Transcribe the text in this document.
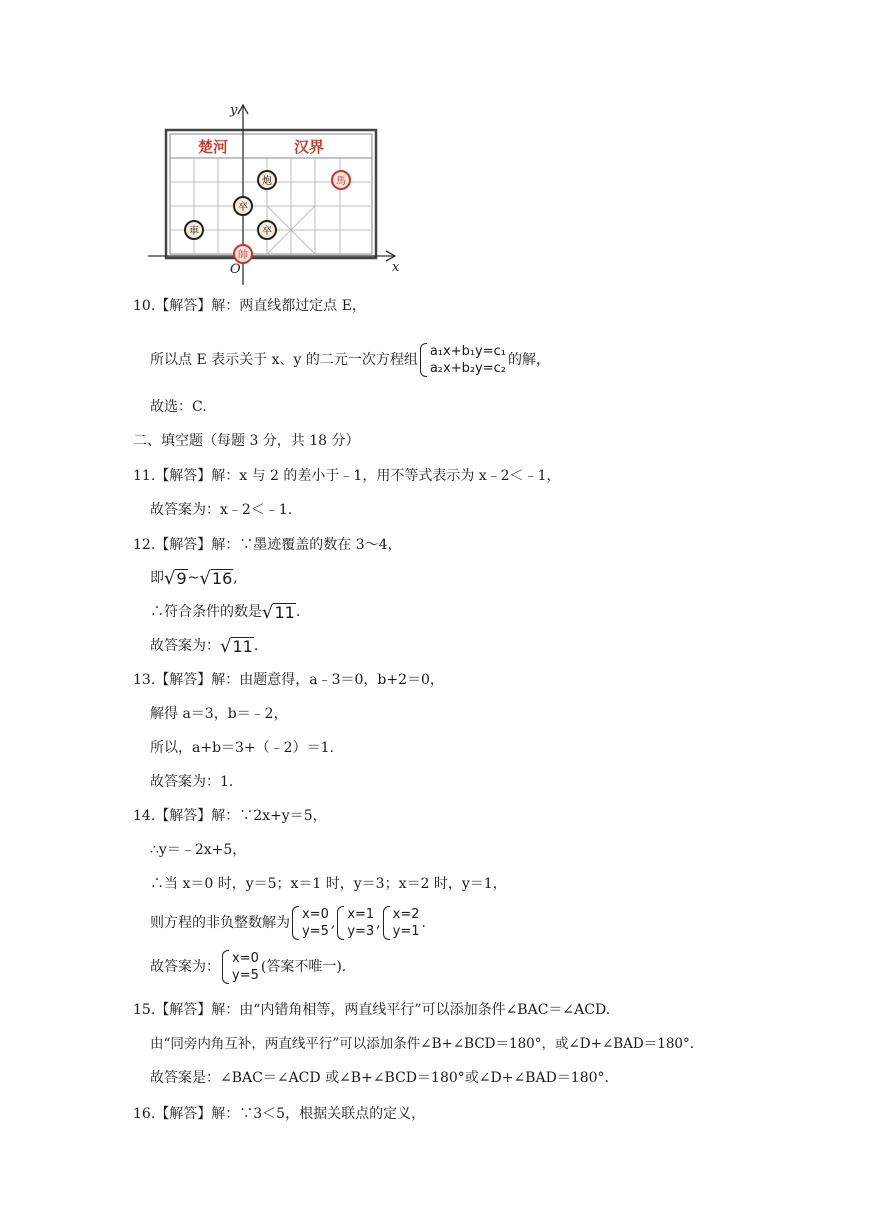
楚河	汉界
y
x
O
炮	馬
卒
卒
車
帥
10.【解答】解：两直线都过定点 E，
所以点 E 表示关于 x、y 的二元一次方程组
a₁x+b₁y=c₁
a₂x+b₂y=c₂
的解，
故选：C.
二、填空题（每题 3 分，共 18 分）
11.【解答】解：x 与 2 的差小于﹣1，用不等式表示为 x﹣2＜﹣1，
故答案为：x﹣2＜﹣1.
12.【解答】解：∵墨迹覆盖的数在 3～4，
即 √ 9 ~ √ 16 ,
∴符合条件的数是 √ 11 .
故答案为： √ 11 .
13.【解答】解：由题意得，a﹣3＝0，b+2＝0，
解得 a＝3，b＝﹣2，
所以，a+b＝3+（﹣2）＝1.
故答案为：1.
14.【解答】解：∵2x+y＝5，
∴y＝﹣2x+5，
∴当 x＝0 时，y＝5；x＝1 时，y＝3；x＝2 时，y＝1，
则方程的非负整数解为
x=0
y=5
,
x=1
y=3
,
x=2
y=1
.
故答案为：
x=0
y=5
(答案不唯一).
15.【解答】解：由“内错角相等，两直线平行”可以添加条件∠BAC＝∠ACD.
由“同旁内角互补，两直线平行”可以添加条件∠B+∠BCD＝180°，或∠D+∠BAD＝180°.
故答案是：∠BAC＝∠ACD 或∠B+∠BCD＝180°或∠D+∠BAD＝180°.
16.【解答】解：∵3＜5，根据关联点的定义，
